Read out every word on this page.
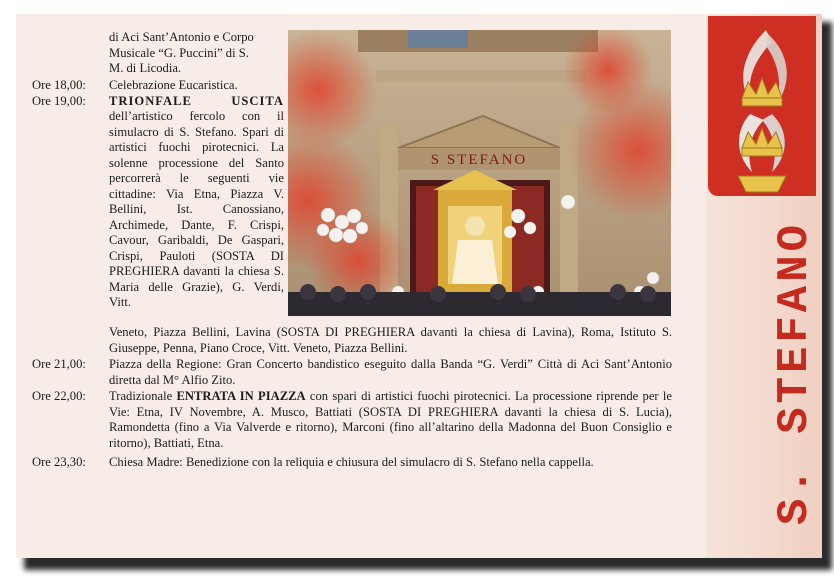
S. STEFANO
S STEFANO

di Aci Sant’Antonio e Corpo

Musicale “G. Puccini” di S.

M. di Licodia.

Ore 18,00:	Celebrazione Eucaristica.
Ore 19,00:	TRIONFALE USCITA dell’artistico fercolo con il simulacro di S. Stefano. Spari di artistici fuochi pirotecnici. La solenne processione del Santo percorrerà le seguenti vie cittadine: Via Etna, Piazza V. Bellini, Ist. Canossiano, Archimede, Dante, F. Crispi, Cavour, Garibaldi, De Gaspari, Crispi, Pauloti (SOSTA DI PREGHIERA davanti la chiesa S. Maria delle Grazie), G. Verdi, Vitt.
Veneto, Piazza Bellini, Lavina (SOSTA DI PREGHIERA davanti la chiesa di Lavina), Roma, Istituto S. Giuseppe, Penna, Piano Croce, Vitt. Veneto, Piazza Bellini.
Ore 21,00:	Piazza della Regione: Gran Concerto bandistico eseguito dalla Banda “G. Verdi” Città di Aci Sant’Antonio diretta dal M° Alfio Zito.
Ore 22,00:	Tradizionale ENTRATA IN PIAZZA con spari di artistici fuochi pirotecnici. La processione riprende per le Vie: Etna, IV Novembre, A. Musco, Battiati (SOSTA DI PREGHIERA davanti la chiesa di S. Lucia), Ramondetta (fino a Via Valverde e ritorno), Marconi (fino all’altarino della Madonna del Buon Consiglio e ritorno), Battiati, Etna.
Ore 23,30:	Chiesa Madre: Benedizione con la reliquia e chiusura del simulacro di S. Stefano nella cappella.
